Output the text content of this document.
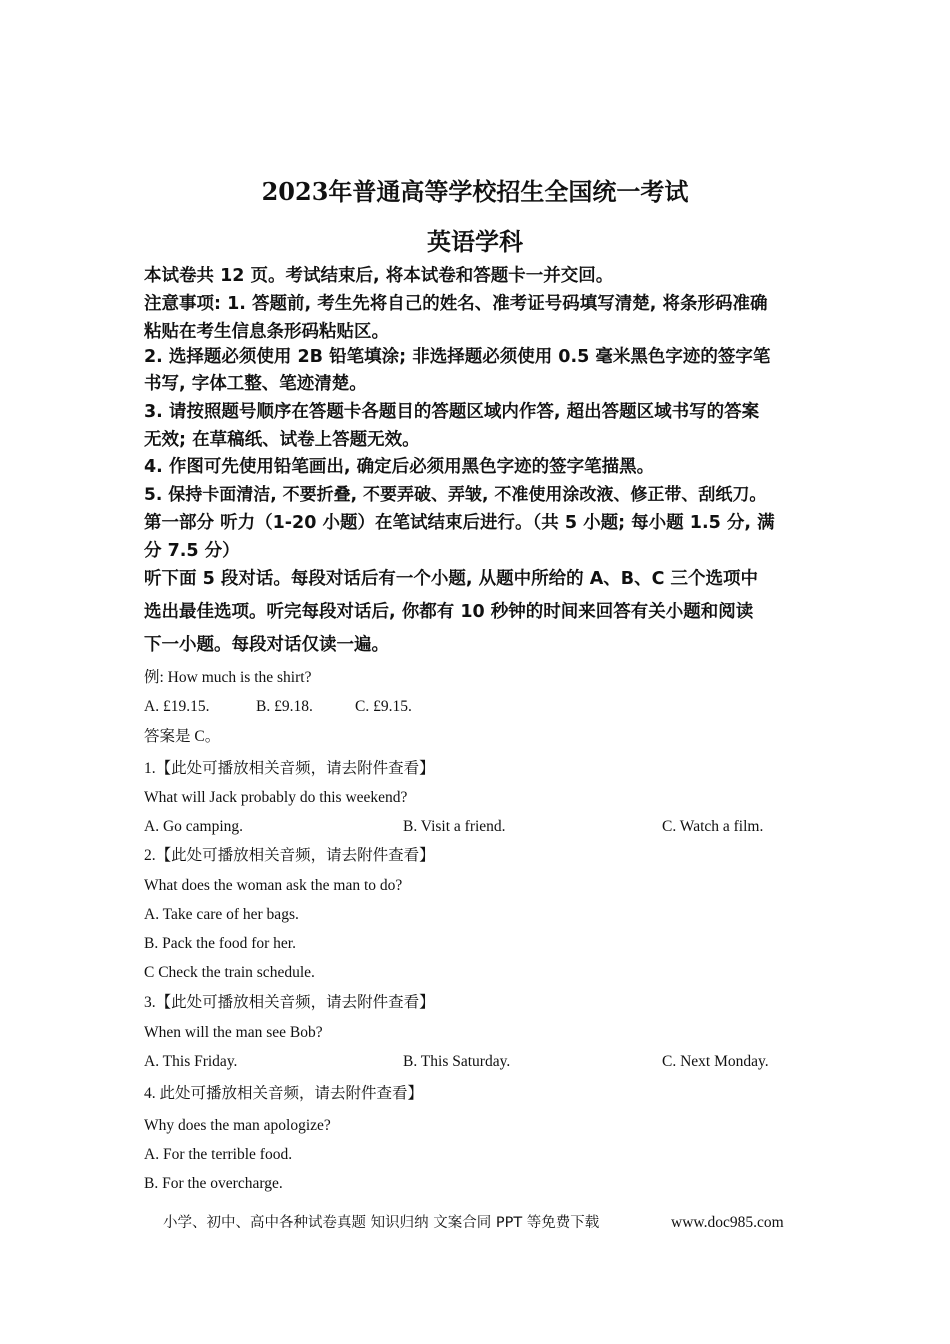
2023年普通高等学校招生全国统一考试
英语学科
本试卷共 12 页。考试结束后, 将本试卷和答题卡一并交回。
注意事项: 1. 答题前, 考生先将自己的姓名、准考证号码填写清楚, 将条形码准确
粘贴在考生信息条形码粘贴区。
2. 选择题必须使用 2B 铅笔填涂; 非选择题必须使用 0.5 毫米黑色字迹的签字笔
书写, 字体工整、笔迹清楚。
3. 请按照题号顺序在答题卡各题目的答题区域内作答, 超出答题区域书写的答案
无效; 在草稿纸、试卷上答题无效。
4. 作图可先使用铅笔画出, 确定后必须用黑色字迹的签字笔描黑。
5. 保持卡面清洁, 不要折叠, 不要弄破、弄皱, 不准使用涂改液、修正带、刮纸刀。
第一部分 听力（1-20 小题）在笔试结束后进行。（共 5 小题; 每小题 1.5 分, 满
分 7.5 分）
听下面 5 段对话。每段对话后有一个小题, 从题中所给的 A、B、C 三个选项中
选出最佳选项。听完每段对话后, 你都有 10 秒钟的时间来回答有关小题和阅读
下一小题。每段对话仅读一遍。
例: How much is the shirt?
A. £19.15.	B. £9.18.	C. £9.15.
答案是 C。
1.【此处可播放相关音频，请去附件查看】
What will Jack probably do this weekend?
A. Go camping.	B. Visit a friend.	C. Watch a film.
2.【此处可播放相关音频，请去附件查看】
What does the woman ask the man to do?
A. Take care of her bags.
B. Pack the food for her.
C Check the train schedule.
3.【此处可播放相关音频，请去附件查看】
When will the man see Bob?
A. This Friday.	B. This Saturday.	C. Next Monday.
4. 此处可播放相关音频，请去附件查看】
Why does the man apologize?
A. For the terrible food.
B. For the overcharge.
小学、初中、高中各种试卷真题 知识归纳 文案合同 PPT 等免费下载	www.doc985.com
